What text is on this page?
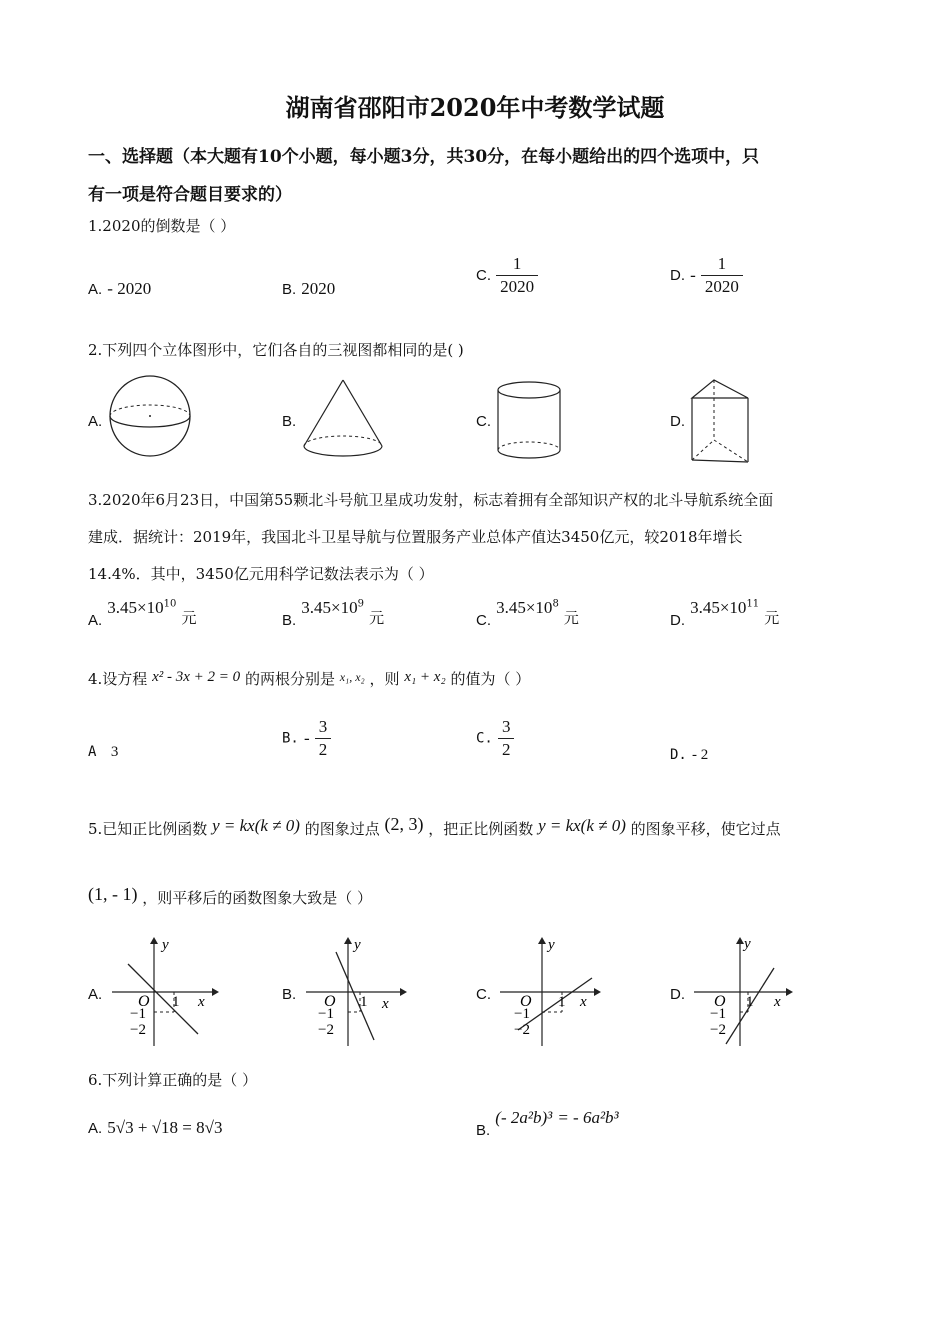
湖南省邵阳市2020年中考数学试题
一、选择题（本大题有10个小题，每小题3分，共30分，在每小题给出的四个选项中，只
有一项是符合题目要求的）
1.2020的倒数是（ ）
A. - 2020	B. 2020
C. $\frac{1}{2020}$	D. - $\frac{1}{2020}$
2.下列四个立体图形中，它们各自的三视图都相同的是( )
A.	B.	C.	D.
3.2020年6月23日，中国第55颗北斗号航卫星成功发射，标志着拥有全部知识产权的北斗导航系统全面
建成．据统计：2019年，我国北斗卫星导航与位置服务产业总体产值达3450亿元，较2018年增长
14.4%．其中，3450亿元用科学记数法表示为（ ）
A. $3.45\times 10^{10}$ 元	B. $3.45\times 10^9$ 元	C. $3.45\times 10^8$ 元	D. $3.45\times 10^{11}$ 元
4.设方程 x² - 3x + 2 = 0 的两根分别是 $^{x_1, x_2}$ ，则 x₁ + x₂ 的值为（ ）
A 3
B. - $\frac{3}{2}$	C. $\frac{3}{2}$	D. - 2
5.已知正比例函数 y = kx(k ≠ 0) 的图象过点 (2, 3) ，把正比例函数 y = kx(k ≠ 0) 的图象平移，使它过点
(1, - 1) ，则平移后的函数图象大致是（ ）
A.	B.	C.	D.
y
x
O 1
−1
−2
y
x
O 1
−1
−2
y
x
O 1
−1
−2
y
x
O 1
−1
−2
6.下列计算正确的是（ ）
A. 5√3 + √18 = 8√3	B. (- 2a²b)³ = - 6a²b³
